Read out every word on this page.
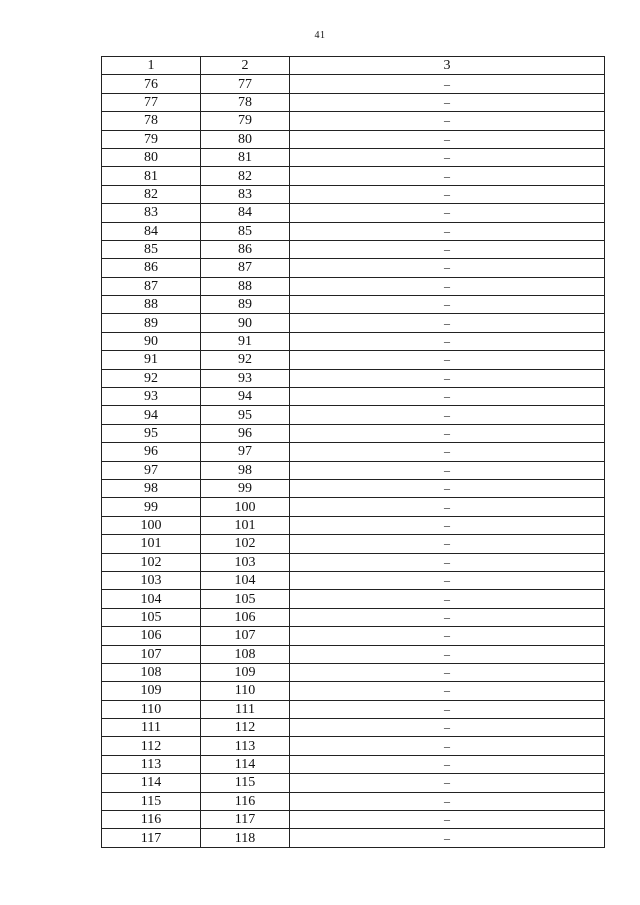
41
1	2	3
76	77	–
77	78	–
78	79	–
79	80	–
80	81	–
81	82	–
82	83	–
83	84	–
84	85	–
85	86	–
86	87	–
87	88	–
88	89	–
89	90	–
90	91	–
91	92	–
92	93	–
93	94	–
94	95	–
95	96	–
96	97	–
97	98	–
98	99	–
99	100	–
100	101	–
101	102	–
102	103	–
103	104	–
104	105	–
105	106	–
106	107	–
107	108	–
108	109	–
109	110	–
110	111	–
111	112	–
112	113	–
113	114	–
114	115	–
115	116	–
116	117	–
117	118	–
